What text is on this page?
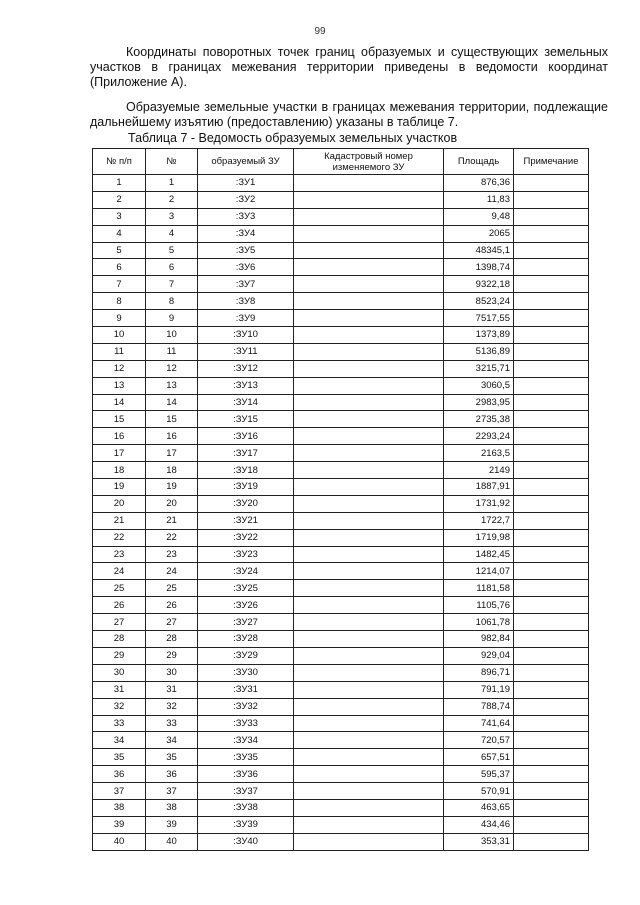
99

Координаты поворотных точек границ образуемых и существующих земельных участков в границах межевания территории приведены в ведомости координат (Приложение А).

Образуемые земельные участки в границах межевания территории, подлежащие дальнейшему изъятию (предоставлению) указаны в таблице 7.

Таблица 7 - Ведомость образуемых земельных участков
№ п/п	№	образуемый ЗУ	Кадастровый номер изменяемого ЗУ	Площадь	Примечание
1	1	:ЗУ1		876,36	
2	2	:ЗУ2		11,83	
3	3	:ЗУ3		9,48	
4	4	:ЗУ4		2065	
5	5	:ЗУ5		48345,1	
6	6	:ЗУ6		1398,74	
7	7	:ЗУ7		9322,18	
8	8	:ЗУ8		8523,24	
9	9	:ЗУ9		7517,55	
10	10	:ЗУ10		1373,89	
11	11	:ЗУ11		5136,89	
12	12	:ЗУ12		3215,71	
13	13	:ЗУ13		3060,5	
14	14	:ЗУ14		2983,95	
15	15	:ЗУ15		2735,38	
16	16	:ЗУ16		2293,24	
17	17	:ЗУ17		2163,5	
18	18	:ЗУ18		2149	
19	19	:ЗУ19		1887,91	
20	20	:ЗУ20		1731,92	
21	21	:ЗУ21		1722,7	
22	22	:ЗУ22		1719,98	
23	23	:ЗУ23		1482,45	
24	24	:ЗУ24		1214,07	
25	25	:ЗУ25		1181,58	
26	26	:ЗУ26		1105,76	
27	27	:ЗУ27		1061,78	
28	28	:ЗУ28		982,84	
29	29	:ЗУ29		929,04	
30	30	:ЗУ30		896,71	
31	31	:ЗУ31		791,19	
32	32	:ЗУ32		788,74	
33	33	:ЗУ33		741,64	
34	34	:ЗУ34		720,57	
35	35	:ЗУ35		657,51	
36	36	:ЗУ36		595,37	
37	37	:ЗУ37		570,91	
38	38	:ЗУ38		463,65	
39	39	:ЗУ39		434,46	
40	40	:ЗУ40		353,31	
